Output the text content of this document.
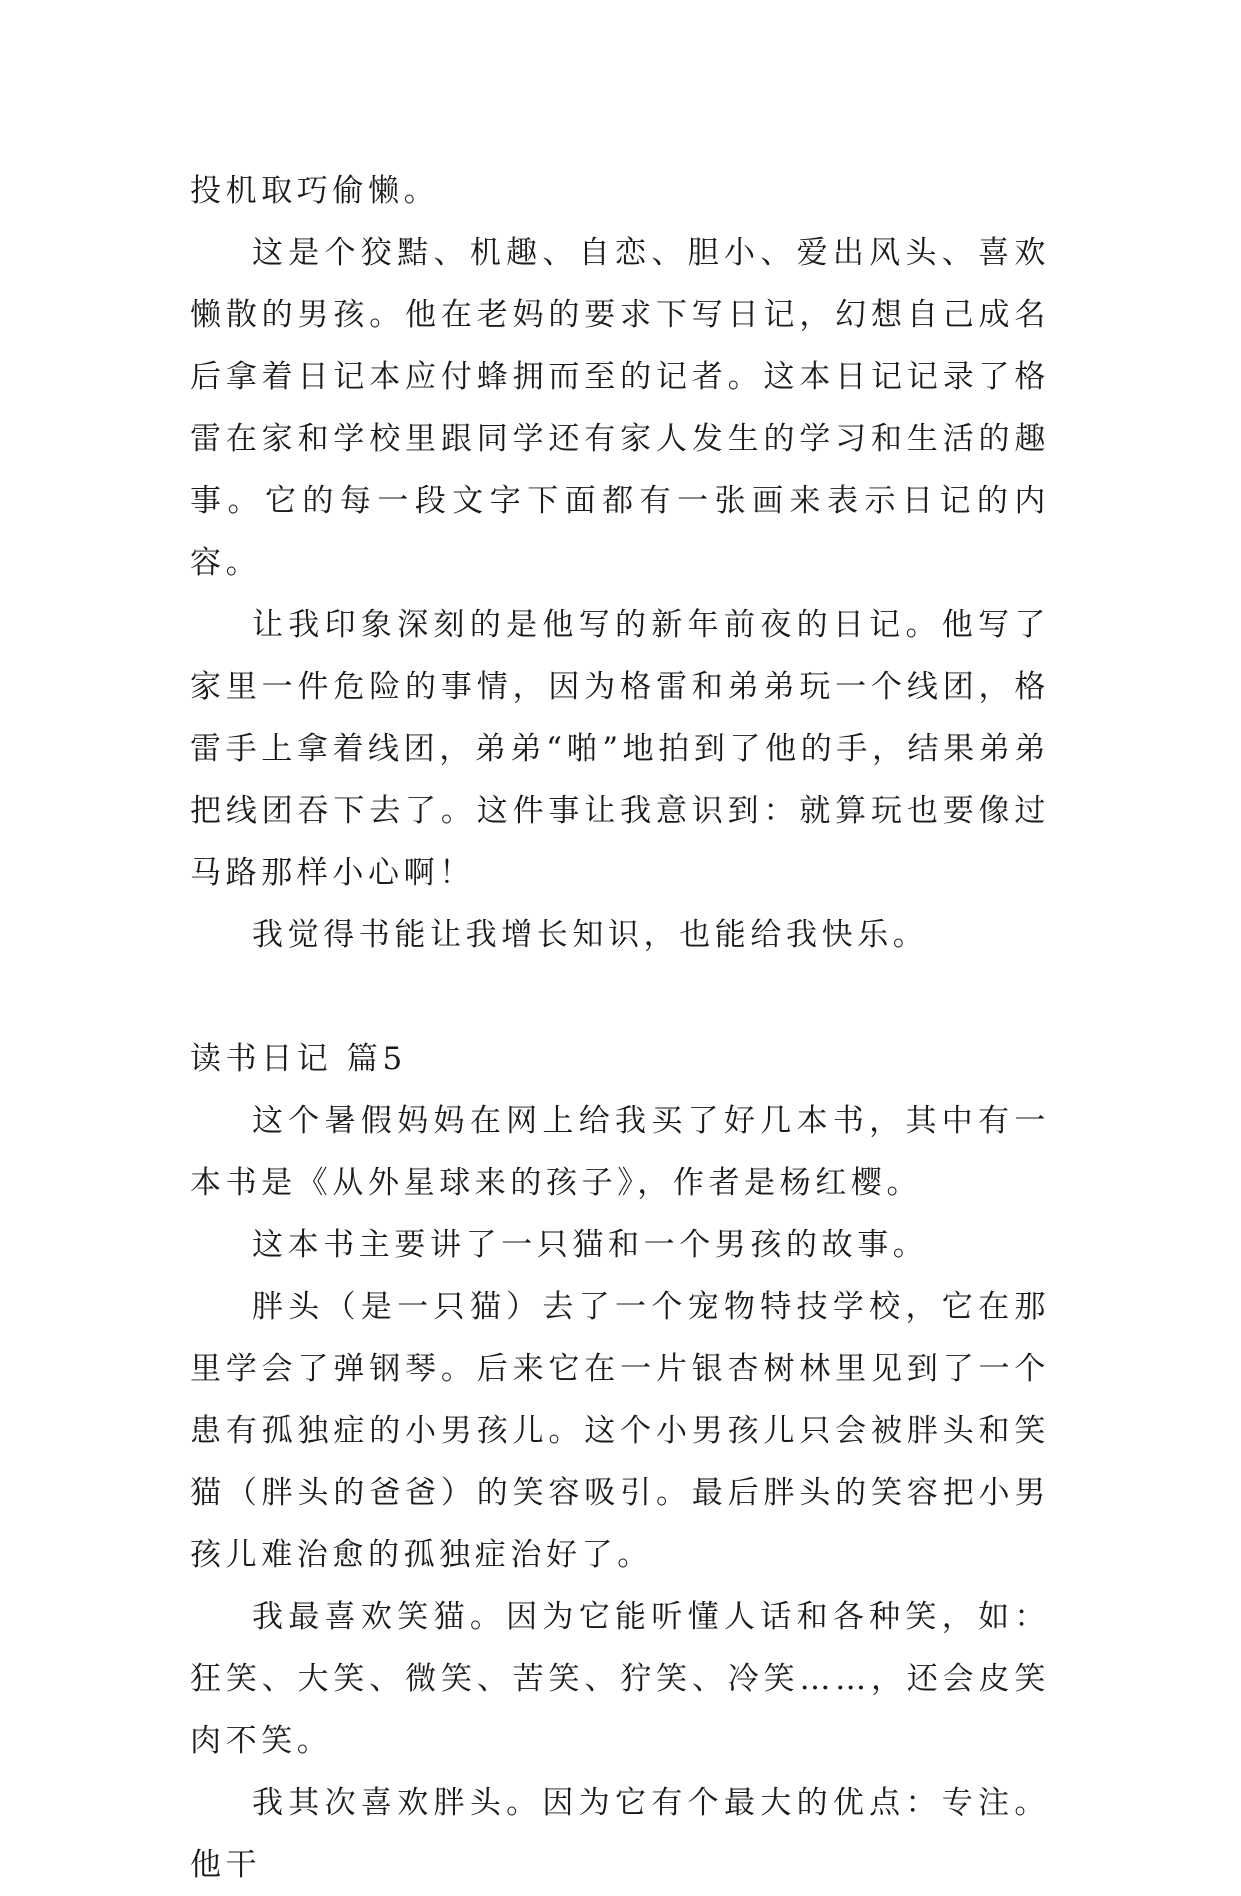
投机取巧偷懒。

这是个狡黠、机趣、自恋、胆小、爱出风头、喜欢懒散的男孩。他在老妈的要求下写日记，幻想自己成名后拿着日记本应付蜂拥而至的记者。这本日记记录了格雷在家和学校里跟同学还有家人发生的学习和生活的趣事。它的每一段文字下面都有一张画来表示日记的内容。

让我印象深刻的是他写的新年前夜的日记。他写了家里一件危险的事情，因为格雷和弟弟玩一个线团，格雷手上拿着线团，弟弟“啪”地拍到了他的手，结果弟弟把线团吞下去了。这件事让我意识到：就算玩也要像过马路那样小心啊！

我觉得书能让我增长知识，也能给我快乐。

读书日记 篇5

这个暑假妈妈在网上给我买了好几本书，其中有一本书是《从外星球来的孩子》，作者是杨红樱。

这本书主要讲了一只猫和一个男孩的故事。

胖头（是一只猫）去了一个宠物特技学校，它在那里学会了弹钢琴。后来它在一片银杏树林里见到了一个患有孤独症的小男孩儿。这个小男孩儿只会被胖头和笑猫（胖头的爸爸）的笑容吸引。最后胖头的笑容把小男孩儿难治愈的孤独症治好了。

我最喜欢笑猫。因为它能听懂人话和各种笑，如：狂笑、大笑、微笑、苦笑、狞笑、冷笑……，还会皮笑肉不笑。

我其次喜欢胖头。因为它有个最大的优点：专注。他干
